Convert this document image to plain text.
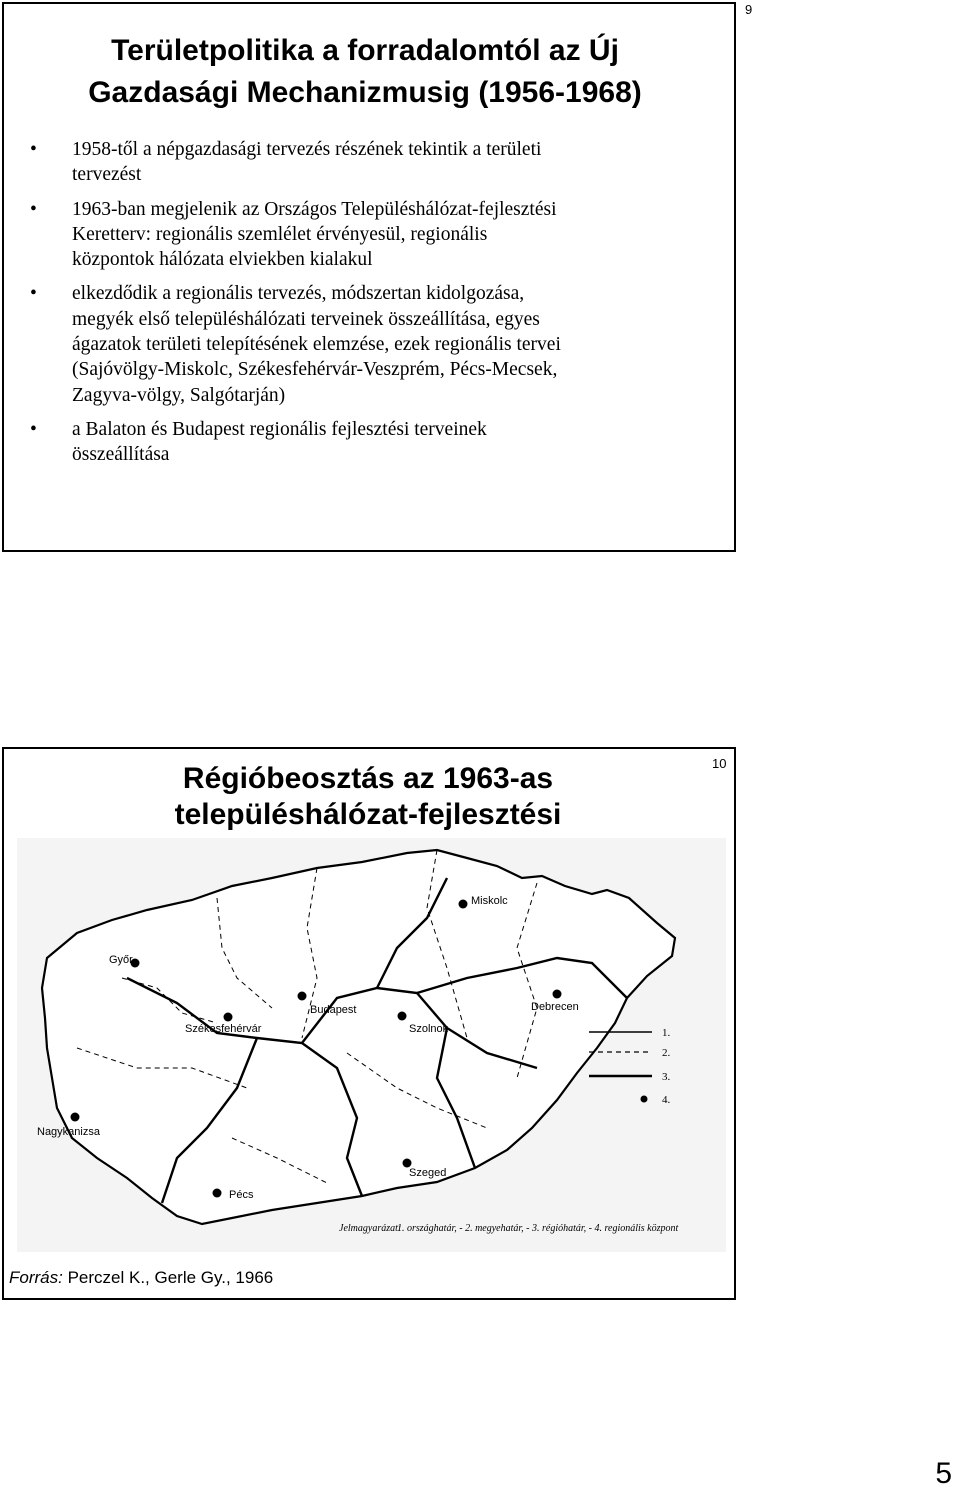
9
Területpolitika a forradalomtól az Új
Gazdasági Mechanizmusig (1956-1968)
• 1958-től a népgazdasági tervezés részének tekintik a területi
tervezést
• 1963-ban megjelenik az Országos Településhálózat-fejlesztési
Keretterv: regionális szemlélet érvényesül, regionális
központok hálózata elviekben kialakul
• elkezdődik a regionális tervezés, módszertan kidolgozása,
megyék első településhálózati terveinek összeállítása, egyes
ágazatok területi telepítésének elemzése, ezek regionális tervei
(Sajóvölgy-Miskolc, Székesfehérvár-Veszprém, Pécs-Mecsek,
Zagyva-völgy, Salgótarján)
• a Balaton és Budapest regionális fejlesztési terveinek
összeállítása
10
Régióbeosztás az 1963-as
településhálózat-fejlesztési
Miskolc
Győr
Budapest	Debrecen
Székesfehérvár	Szolnok
Nagykanizsa
Szeged
Pécs
1.
2.
3.
4.
Jelmagyarázat:
1. országhatár, - 2. megyehatár, - 3. régióhatár, - 4. regionális központ
Forrás: Perczel K., Gerle Gy., 1966
5
